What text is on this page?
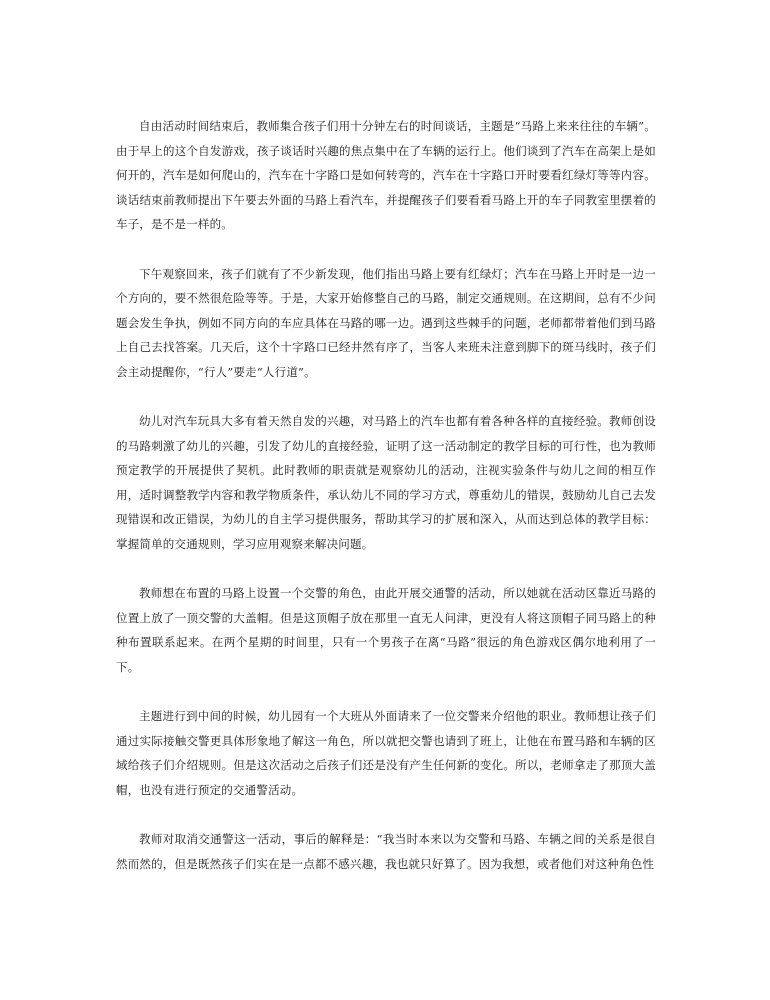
自由活动时间结束后，教师集合孩子们用十分钟左右的时间谈话，主题是“马路上来来往往的车辆”。由于早上的这个自发游戏，孩子谈话时兴趣的焦点集中在了车辆的运行上。他们谈到了汽车在高架上是如何开的，汽车是如何爬山的，汽车在十字路口是如何转弯的，汽车在十字路口开时要看红绿灯等等内容。谈话结束前教师提出下午要去外面的马路上看汽车，并提醒孩子们要看看马路上开的车子同教室里摆着的车子，是不是一样的。

下午观察回来，孩子们就有了不少新发现，他们指出马路上要有红绿灯；汽车在马路上开时是一边一个方向的，要不然很危险等等。于是，大家开始修整自己的马路，制定交通规则。在这期间，总有不少问题会发生争执，例如不同方向的车应具体在马路的哪一边。遇到这些棘手的问题，老师都带着他们到马路上自己去找答案。几天后，这个十字路口已经井然有序了，当客人来班未注意到脚下的斑马线时，孩子们会主动提醒你，“行人”要走“人行道”。

幼儿对汽车玩具大多有着天然自发的兴趣，对马路上的汽车也都有着各种各样的直接经验。教师创设的马路刺激了幼儿的兴趣，引发了幼儿的直接经验，证明了这一活动制定的教学目标的可行性，也为教师预定教学的开展提供了契机。此时教师的职责就是观察幼儿的活动，注视实验条件与幼儿之间的相互作用，适时调整教学内容和教学物质条件，承认幼儿不同的学习方式，尊重幼儿的错误，鼓励幼儿自己去发现错误和改正错误，为幼儿的自主学习提供服务，帮助其学习的扩展和深入，从而达到总体的教学目标：掌握简单的交通规则，学习应用观察来解决问题。

教师想在布置的马路上设置一个交警的角色，由此开展交通警的活动，所以她就在活动区靠近马路的位置上放了一顶交警的大盖帽。但是这顶帽子放在那里一直无人问津，更没有人将这顶帽子同马路上的种种布置联系起来。在两个星期的时间里，只有一个男孩子在离“马路”很远的角色游戏区偶尔地利用了一下。

主题进行到中间的时候，幼儿园有一个大班从外面请来了一位交警来介绍他的职业。教师想让孩子们通过实际接触交警更具体形象地了解这一角色，所以就把交警也请到了班上，让他在布置马路和车辆的区域给孩子们介绍规则。但是这次活动之后孩子们还是没有产生任何新的变化。所以，老师拿走了那顶大盖帽，也没有进行预定的交通警活动。

教师对取消交通警这一活动，事后的解释是：“我当时本来以为交警和马路、车辆之间的关系是很自然而然的，但是既然孩子们实在是一点都不感兴趣，我也就只好算了。因为我想，或者他们对这种角色性
